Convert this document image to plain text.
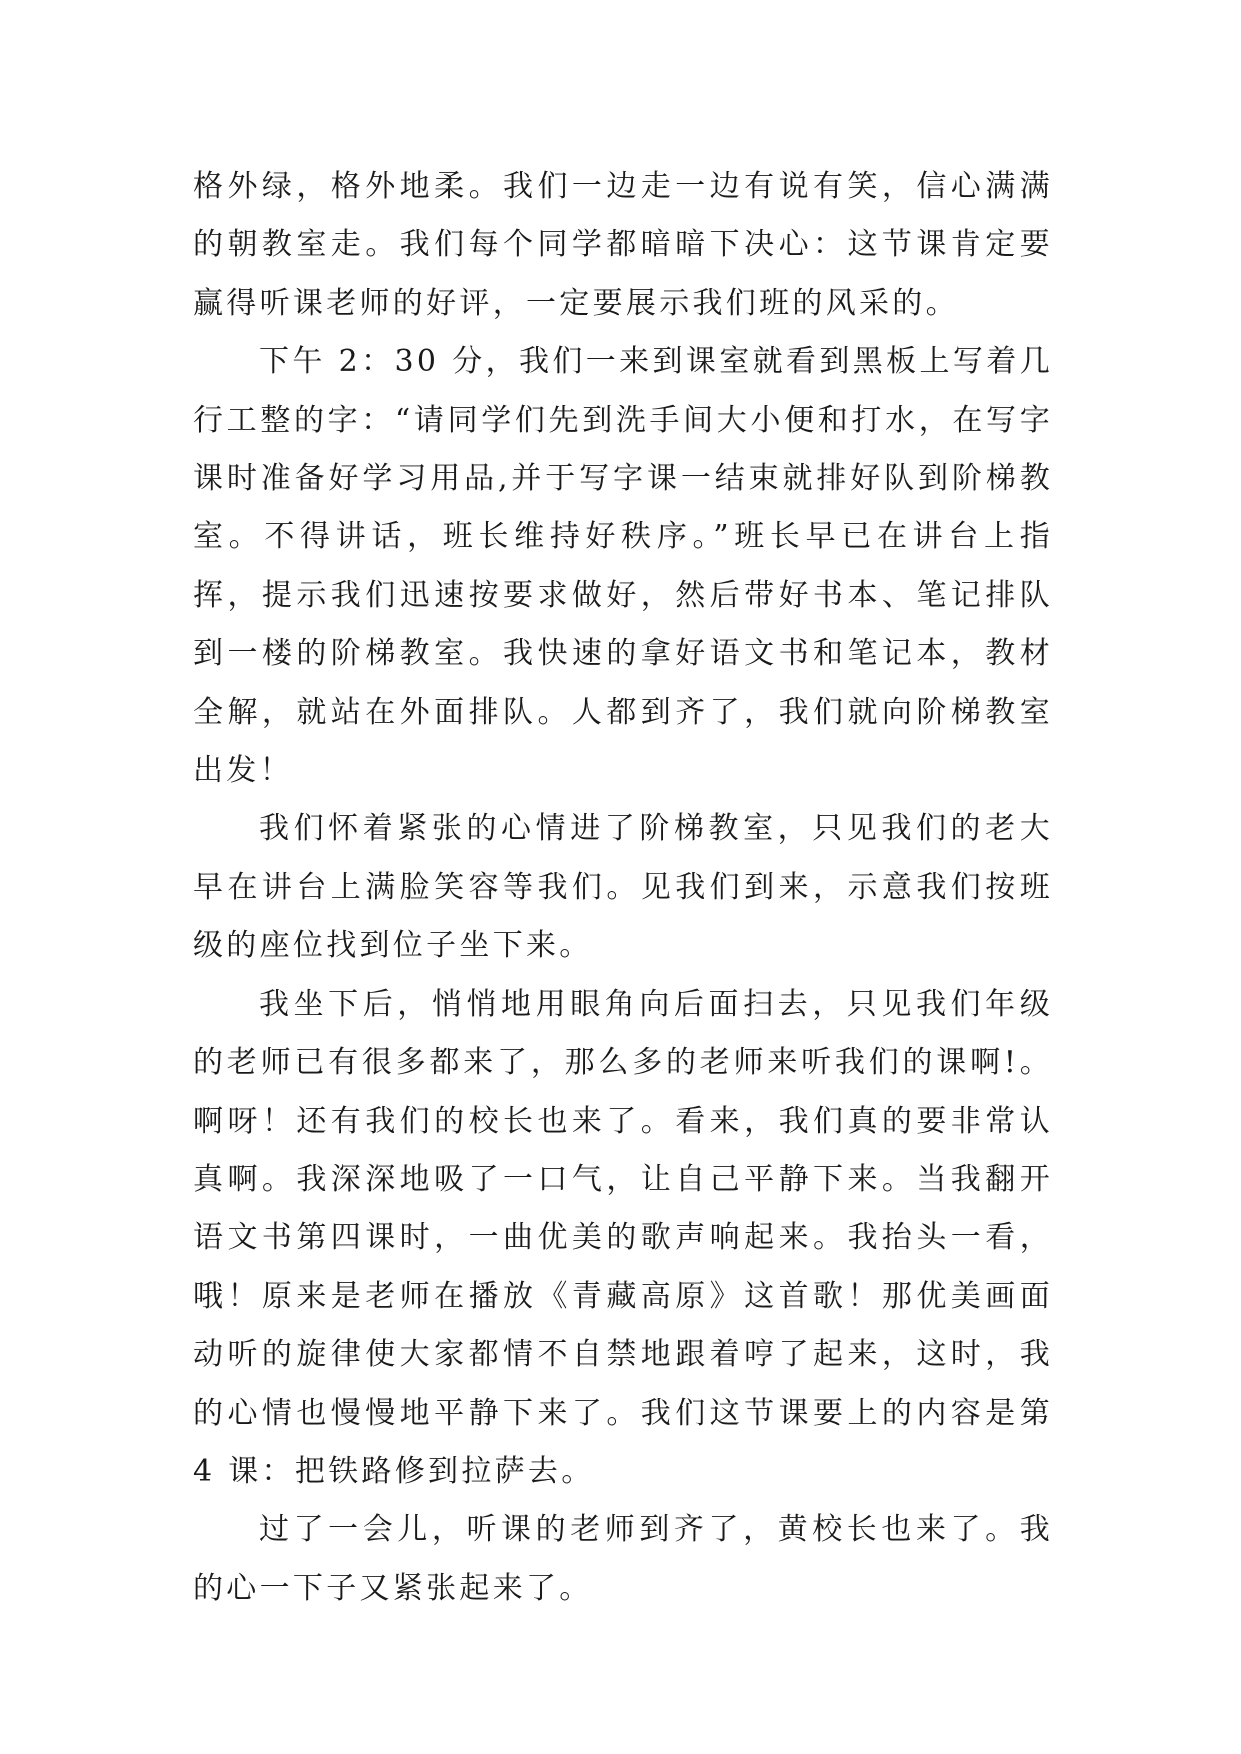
格外绿，格外地柔。我们一边走一边有说有笑，信心满满的朝教室走。我们每个同学都暗暗下决心：这节课肯定要赢得听课老师的好评，一定要展示我们班的风采的。

下午 2：30 分，我们一来到课室就看到黑板上写着几行工整的字：“请同学们先到洗手间大小便和打水，在写字课时准备好学习用品,并于写字课一结束就排好队到阶梯教室。不得讲话，班长维持好秩序。”班长早已在讲台上指挥，提示我们迅速按要求做好，然后带好书本、笔记排队到一楼的阶梯教室。我快速的拿好语文书和笔记本，教材全解，就站在外面排队。人都到齐了，我们就向阶梯教室出发！

我们怀着紧张的心情进了阶梯教室，只见我们的老大早在讲台上满脸笑容等我们。见我们到来，示意我们按班级的座位找到位子坐下来。

我坐下后，悄悄地用眼角向后面扫去，只见我们年级的老师已有很多都来了，那么多的老师来听我们的课啊!。啊呀！还有我们的校长也来了。看来，我们真的要非常认真啊。我深深地吸了一口气，让自己平静下来。当我翻开语文书第四课时，一曲优美的歌声响起来。我抬头一看，哦！原来是老师在播放《青藏高原》这首歌！那优美画面动听的旋律使大家都情不自禁地跟着哼了起来，这时，我的心情也慢慢地平静下来了。我们这节课要上的内容是第 4 课：把铁路修到拉萨去。

过了一会儿，听课的老师到齐了，黄校长也来了。我的心一下子又紧张起来了。
